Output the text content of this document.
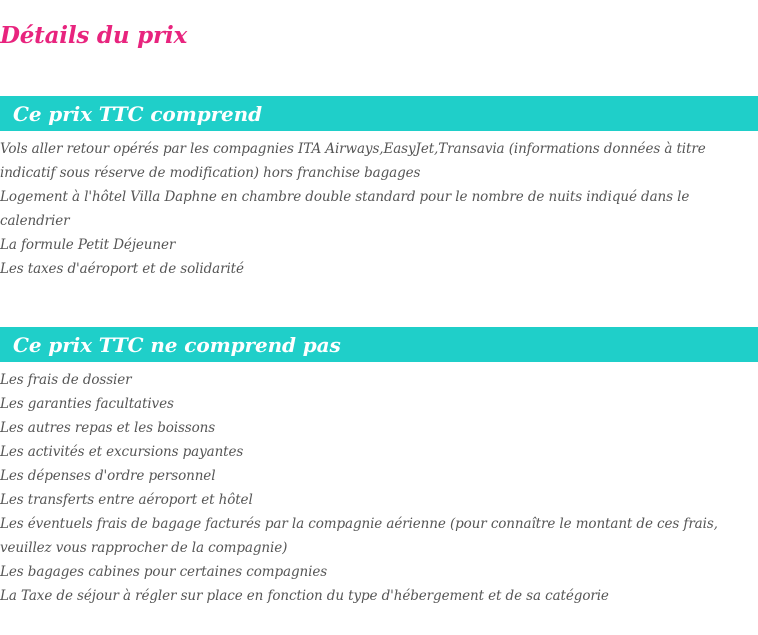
Détails du prix
Ce prix TTC comprend
Vols aller retour opérés par les compagnies ITA Airways,EasyJet,Transavia (informations données à titre indicatif sous réserve de modification) hors franchise bagages
Logement à l'hôtel Villa Daphne en chambre double standard pour le nombre de nuits indiqué dans le calendrier
La formule Petit Déjeuner
Les taxes d'aéroport et de solidarité
Ce prix TTC ne comprend pas
Les frais de dossier
Les garanties facultatives
Les autres repas et les boissons
Les activités et excursions payantes
Les dépenses d'ordre personnel
Les transferts entre aéroport et hôtel
Les éventuels frais de bagage facturés par la compagnie aérienne (pour connaître le montant de ces frais, veuillez vous rapprocher de la compagnie)
Les bagages cabines pour certaines compagnies
La Taxe de séjour à régler sur place en fonction du type d'hébergement et de sa catégorie
